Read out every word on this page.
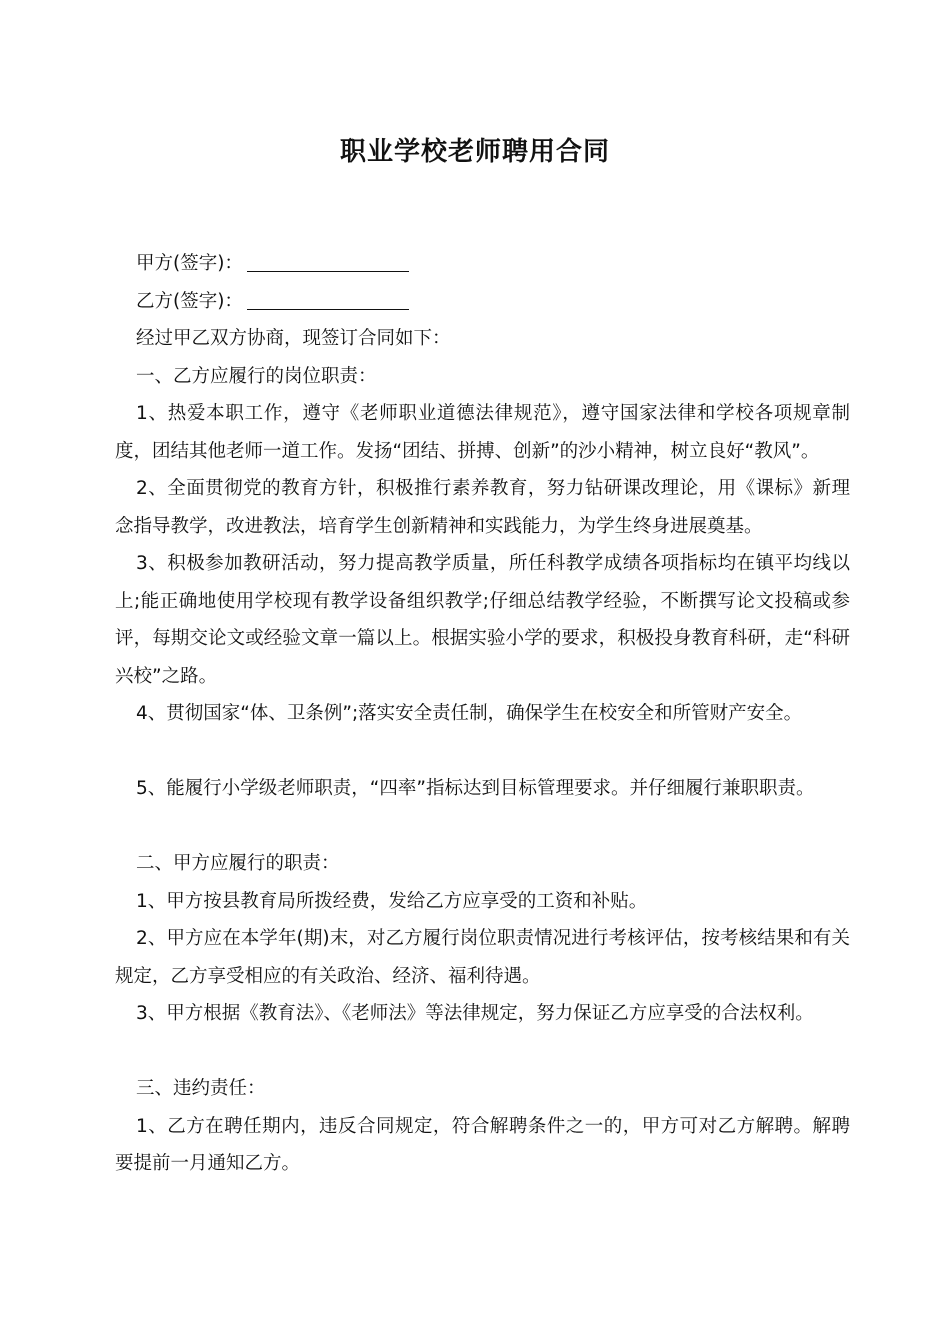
职业学校老师聘用合同

甲方(签字)：

乙方(签字)：

经过甲乙双方协商，现签订合同如下：

一、乙方应履行的岗位职责：

1、热爱本职工作，遵守《老师职业道德法律规范》，遵守国家法律和学校各项规章制度，团结其他老师一道工作。发扬“团结、拼搏、创新”的沙小精神，树立良好“教风”。

2、全面贯彻党的教育方针，积极推行素养教育，努力钻研课改理论，用《课标》新理念指导教学，改进教法，培育学生创新精神和实践能力，为学生终身进展奠基。

3、积极参加教研活动，努力提高教学质量，所任科教学成绩各项指标均在镇平均线以上;能正确地使用学校现有教学设备组织教学;仔细总结教学经验，不断撰写论文投稿或参评，每期交论文或经验文章一篇以上。根据实验小学的要求，积极投身教育科研，走“科研兴校”之路。

4、贯彻国家“体、卫条例”;落实安全责任制，确保学生在校安全和所管财产安全。

5、能履行小学级老师职责，“四率”指标达到目标管理要求。并仔细履行兼职职责。

二、甲方应履行的职责：

1、甲方按县教育局所拨经费，发给乙方应享受的工资和补贴。

2、甲方应在本学年(期)末，对乙方履行岗位职责情况进行考核评估，按考核结果和有关规定，乙方享受相应的有关政治、经济、福利待遇。

3、甲方根据《教育法》、《老师法》等法律规定，努力保证乙方应享受的合法权利。

三、违约责任：

1、乙方在聘任期内，违反合同规定，符合解聘条件之一的，甲方可对乙方解聘。解聘要提前一月通知乙方。
